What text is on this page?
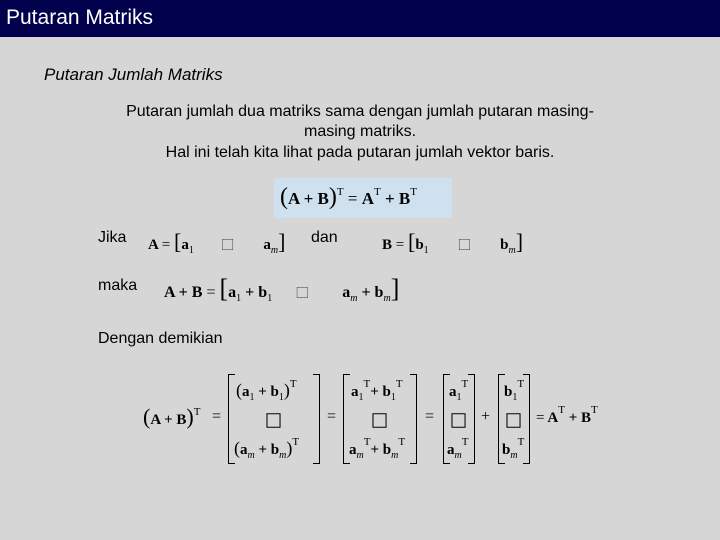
Putaran Matriks
Putaran Jumlah Matriks
Putaran jumlah dua matriks sama dengan jumlah putaran masing-
masing matriks.
Hal ini telah kita lihat pada putaran jumlah vektor baris.
$(A + B)^T = A^T + B^T$
Jika $A = [a_1$ ⃞ $a_m$] dan	$B = [b_1$ ⃞ $b_m$]
maka $A + B = [a_1 + b_1$ ⃞ $a_m + b_m$]
Dengan demikian
$(A + B)^T$ =
$(a_1 + b_1)^T$
⃞
$(a_m + b_m)^T$
=
$a_1^T+ b_1^T$
⃞
$a_m^T+ b_m^T$
=
$a_1^T$
⃞
$a_m^T$
+
$b_1^T$
⃞
$b_m^T$
= $A^T + B^T$
